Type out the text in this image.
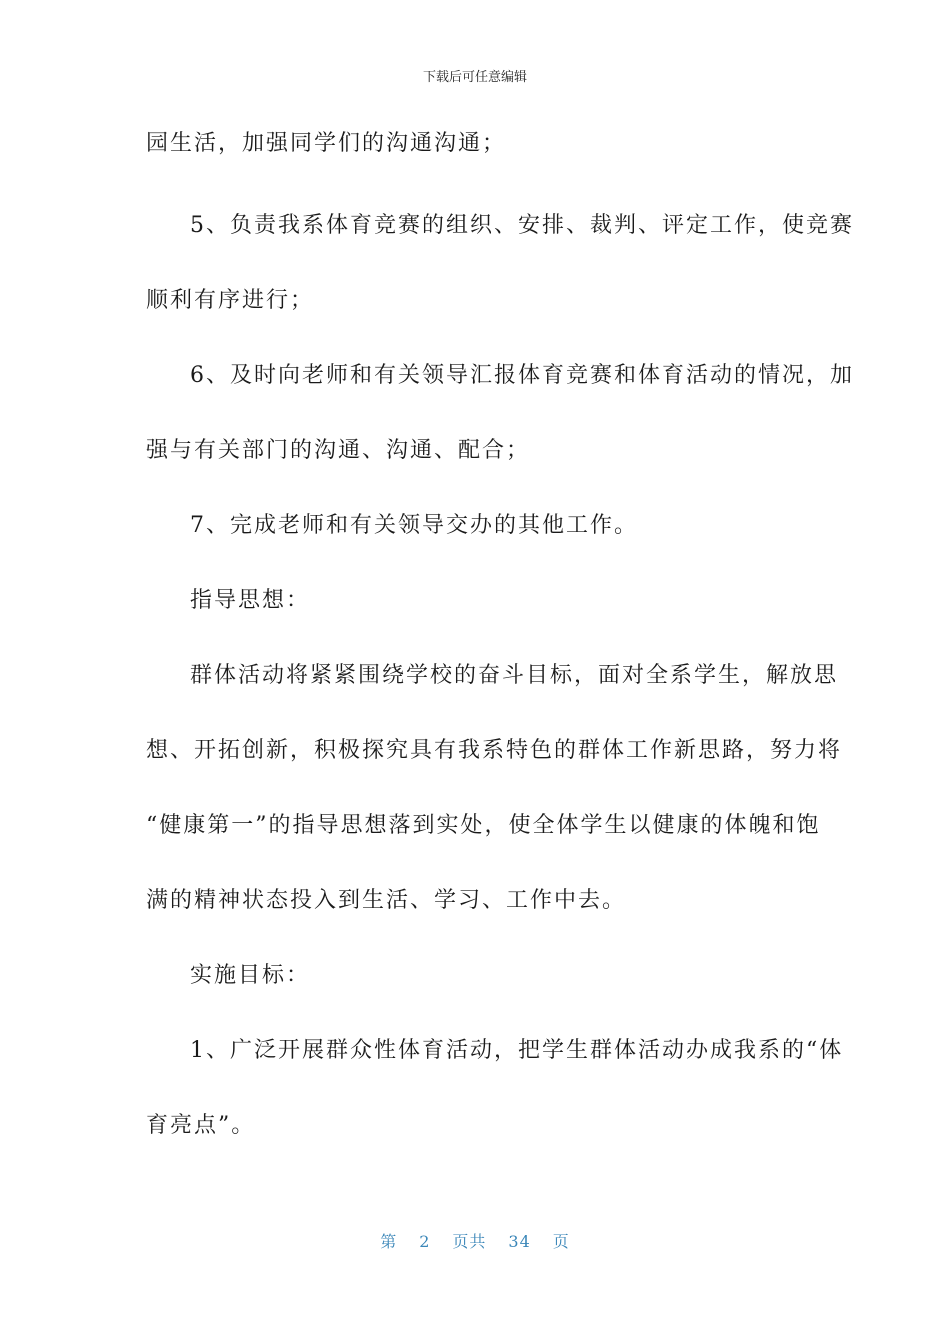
下载后可任意编辑
园生活，加强同学们的沟通沟通；
5、负责我系体育竞赛的组织、安排、裁判、评定工作，使竞赛
顺利有序进行；
6、及时向老师和有关领导汇报体育竞赛和体育活动的情况，加
强与有关部门的沟通、沟通、配合；
7、完成老师和有关领导交办的其他工作。
指导思想：
群体活动将紧紧围绕学校的奋斗目标，面对全系学生，解放思
想、开拓创新，积极探究具有我系特色的群体工作新思路，努力将
“健康第一”的指导思想落到实处，使全体学生以健康的体魄和饱
满的精神状态投入到生活、学习、工作中去。
实施目标：
1、广泛开展群众性体育活动，把学生群体活动办成我系的“体
育亮点”。
第 2 页共 34 页
